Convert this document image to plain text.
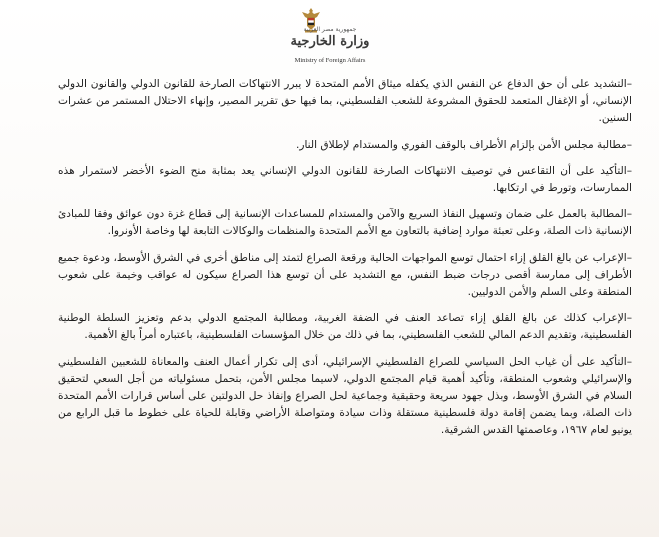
جمهورية مصر العربية
وزارة الخارجية
Ministry of Foreign Affairs

–التشديد على أن حق الدفاع عن النفس الذي يكفله ميثاق الأمم المتحدة لا يبرر الانتهاكات الصارخة للقانون الدولي والقانون الدولي الإنساني، أو الإغفال المتعمد للحقوق المشروعة للشعب الفلسطيني، بما فيها حق تقرير المصير، وإنهاء الاحتلال المستمر من عشرات السنين.

–مطالبة مجلس الأمن بإلزام الأطراف بالوقف الفوري والمستدام لإطلاق النار.

–التأكيد على أن التقاعس في توصيف الانتهاكات الصارخة للقانون الدولي الإنساني يعد بمثابة منح الضوء الأخضر لاستمرار هذه الممارسات، وتورط في ارتكابها.

–المطالبة بالعمل على ضمان وتسهيل النفاذ السريع والآمن والمستدام للمساعدات الإنسانية إلى قطاع غزة دون عوائق وفقا للمبادئ الإنسانية ذات الصلة، وعلى تعبئة موارد إضافية بالتعاون مع الأمم المتحدة والمنظمات والوكالات التابعة لها وخاصة الأونروا.

–الإعراب عن بالغ القلق إزاء احتمال توسع المواجهات الحالية ورقعة الصراع لتمتد إلى مناطق أخرى في الشرق الأوسط، ودعوة جميع الأطراف إلى ممارسة أقصى درجات ضبط النفس، مع التشديد على أن توسع هذا الصراع سيكون له عواقب وخيمة على شعوب المنطقة وعلى السلم والأمن الدوليين.

–الإعراب كذلك عن بالغ القلق إزاء تصاعد العنف في الضفة الغربية، ومطالبة المجتمع الدولي بدعم وتعزيز السلطة الوطنية الفلسطينية، وتقديم الدعم المالي للشعب الفلسطيني، بما في ذلك من خلال المؤسسات الفلسطينية، باعتباره أمراً بالغ الأهمية.

–التأكيد على أن غياب الحل السياسي للصراع الفلسطيني الإسرائيلي، أدى إلى تكرار أعمال العنف والمعاناة للشعبين الفلسطيني والإسرائيلي وشعوب المنطقة، وتأكيد أهمية قيام المجتمع الدولي، لاسيما مجلس الأمن، بتحمل مسئولياته من أجل السعي لتحقيق السلام في الشرق الأوسط، وبذل جهود سريعة وحقيقية وجماعية لحل الصراع وإنفاذ حل الدولتين على أساس قرارات الأمم المتحدة ذات الصلة، وبما يضمن إقامة دولة فلسطينية مستقلة وذات سيادة ومتواصلة الأراضي وقابلة للحياة على خطوط ما قبل الرابع من يونيو لعام ١٩٦٧، وعاصمتها القدس الشرقية.
